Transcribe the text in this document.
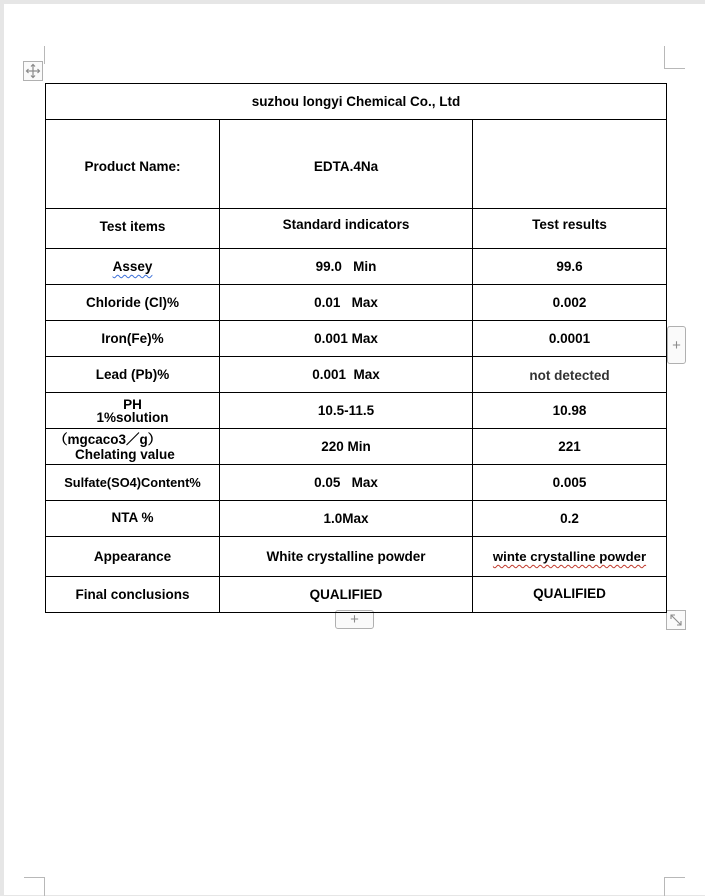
+
+
suzhou longyi Chemical Co., Ltd		
Product Name:	EDTA.4Na	

Test items	Standard indicators	Test results
Assey	99.0   Min	99.6
Chloride (Cl)%	0.01   Max	0.002
Iron(Fe)%	0.001 Max	0.0001
Lead (Pb)%	0.001  Max	not detected

PH
1%solution	10.5-11.5	10.98

（mgcaco3／g）
Chelating value	220 Min	221
Sulfate(SO4)Content%	0.05   Max	0.005

NTA %	1.0Max	0.2
Appearance	White crystalline powder	winte crystalline powder
Final conclusions	QUALIFIED	QUALIFIED
